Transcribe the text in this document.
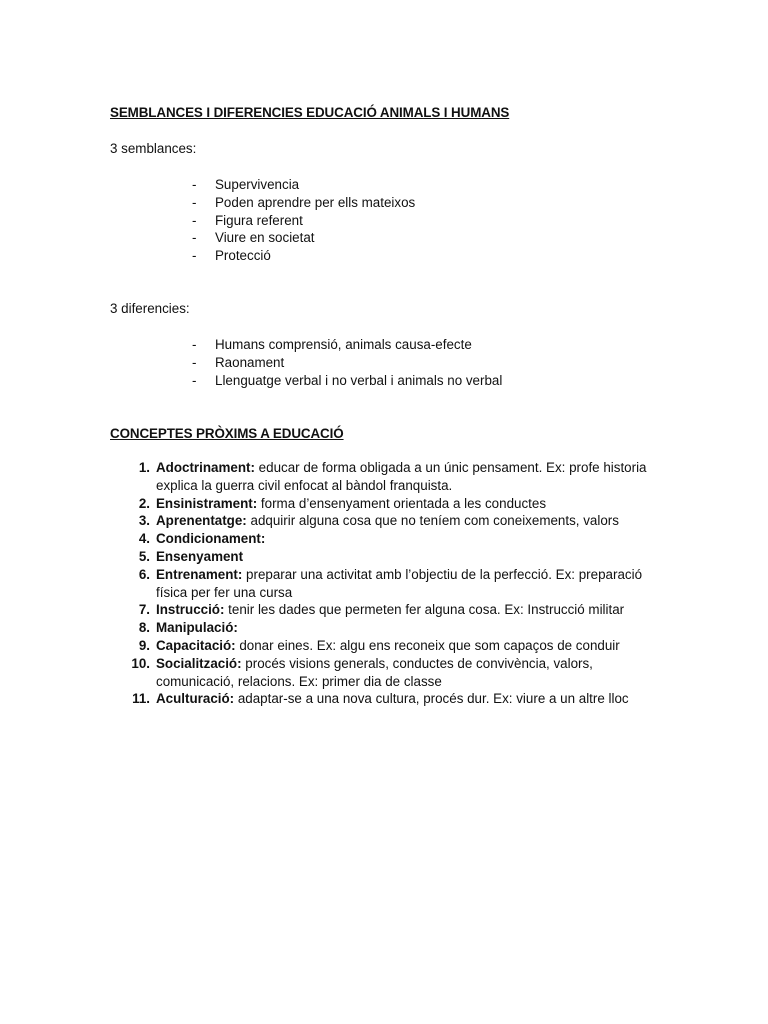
SEMBLANCES I DIFERENCIES EDUCACIÓ ANIMALS I HUMANS
3 semblances:
- Supervivencia
- Poden aprendre per ells mateixos
- Figura referent
- Viure en societat
- Protecció
3 diferencies:
- Humans comprensió, animals causa-efecte
- Raonament
- Llenguatge verbal i no verbal i animals no verbal
CONCEPTES PRÒXIMS A EDUCACIÓ
1. Adoctrinament: educar de forma obligada a un únic pensament. Ex: profe historia explica la guerra civil enfocat al bàndol franquista.
2. Ensinistrament: forma d’ensenyament orientada a les conductes
3. Aprenentatge: adquirir alguna cosa que no teníem com coneixements, valors
4. Condicionament:
5. Ensenyament
6. Entrenament: preparar una activitat amb l’objectiu de la perfecció. Ex: preparació física per fer una cursa
7. Instrucció: tenir les dades que permeten fer alguna cosa. Ex: Instrucció militar
8. Manipulació:
9. Capacitació: donar eines. Ex: algu ens reconeix que som capaços de conduir
10. Socialització: procés visions generals, conductes de convivència, valors, comunicació, relacions. Ex: primer dia de classe
11. Aculturació: adaptar-se a una nova cultura, procés dur. Ex: viure a un altre lloc
